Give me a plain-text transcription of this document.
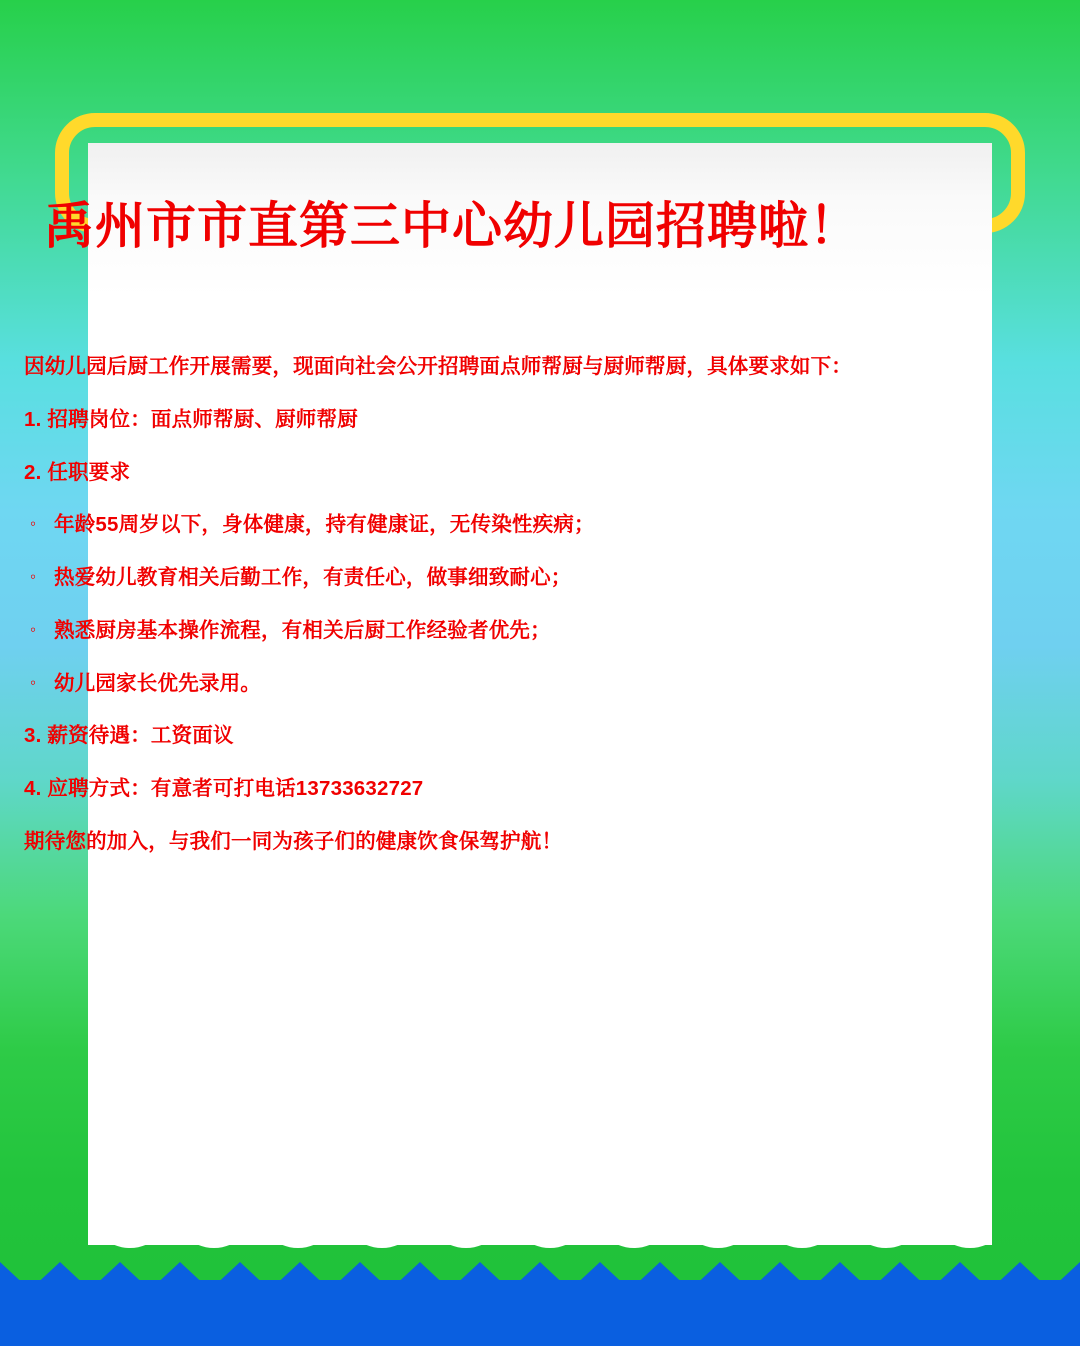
禹州市市直第三中心幼儿园招聘啦！

因幼儿园后厨工作开展需要，现面向社会公开招聘面点师帮厨与厨师帮厨，具体要求如下：

1. 招聘岗位：面点师帮厨、厨师帮厨

2. 任职要求

◦ 年龄55周岁以下，身体健康，持有健康证，无传染性疾病；

◦ 热爱幼儿教育相关后勤工作，有责任心，做事细致耐心；

◦ 熟悉厨房基本操作流程，有相关后厨工作经验者优先；

◦ 幼儿园家长优先录用。

3. 薪资待遇：工资面议

4. 应聘方式：有意者可打电话13733632727

期待您的加入，与我们一同为孩子们的健康饮食保驾护航！
